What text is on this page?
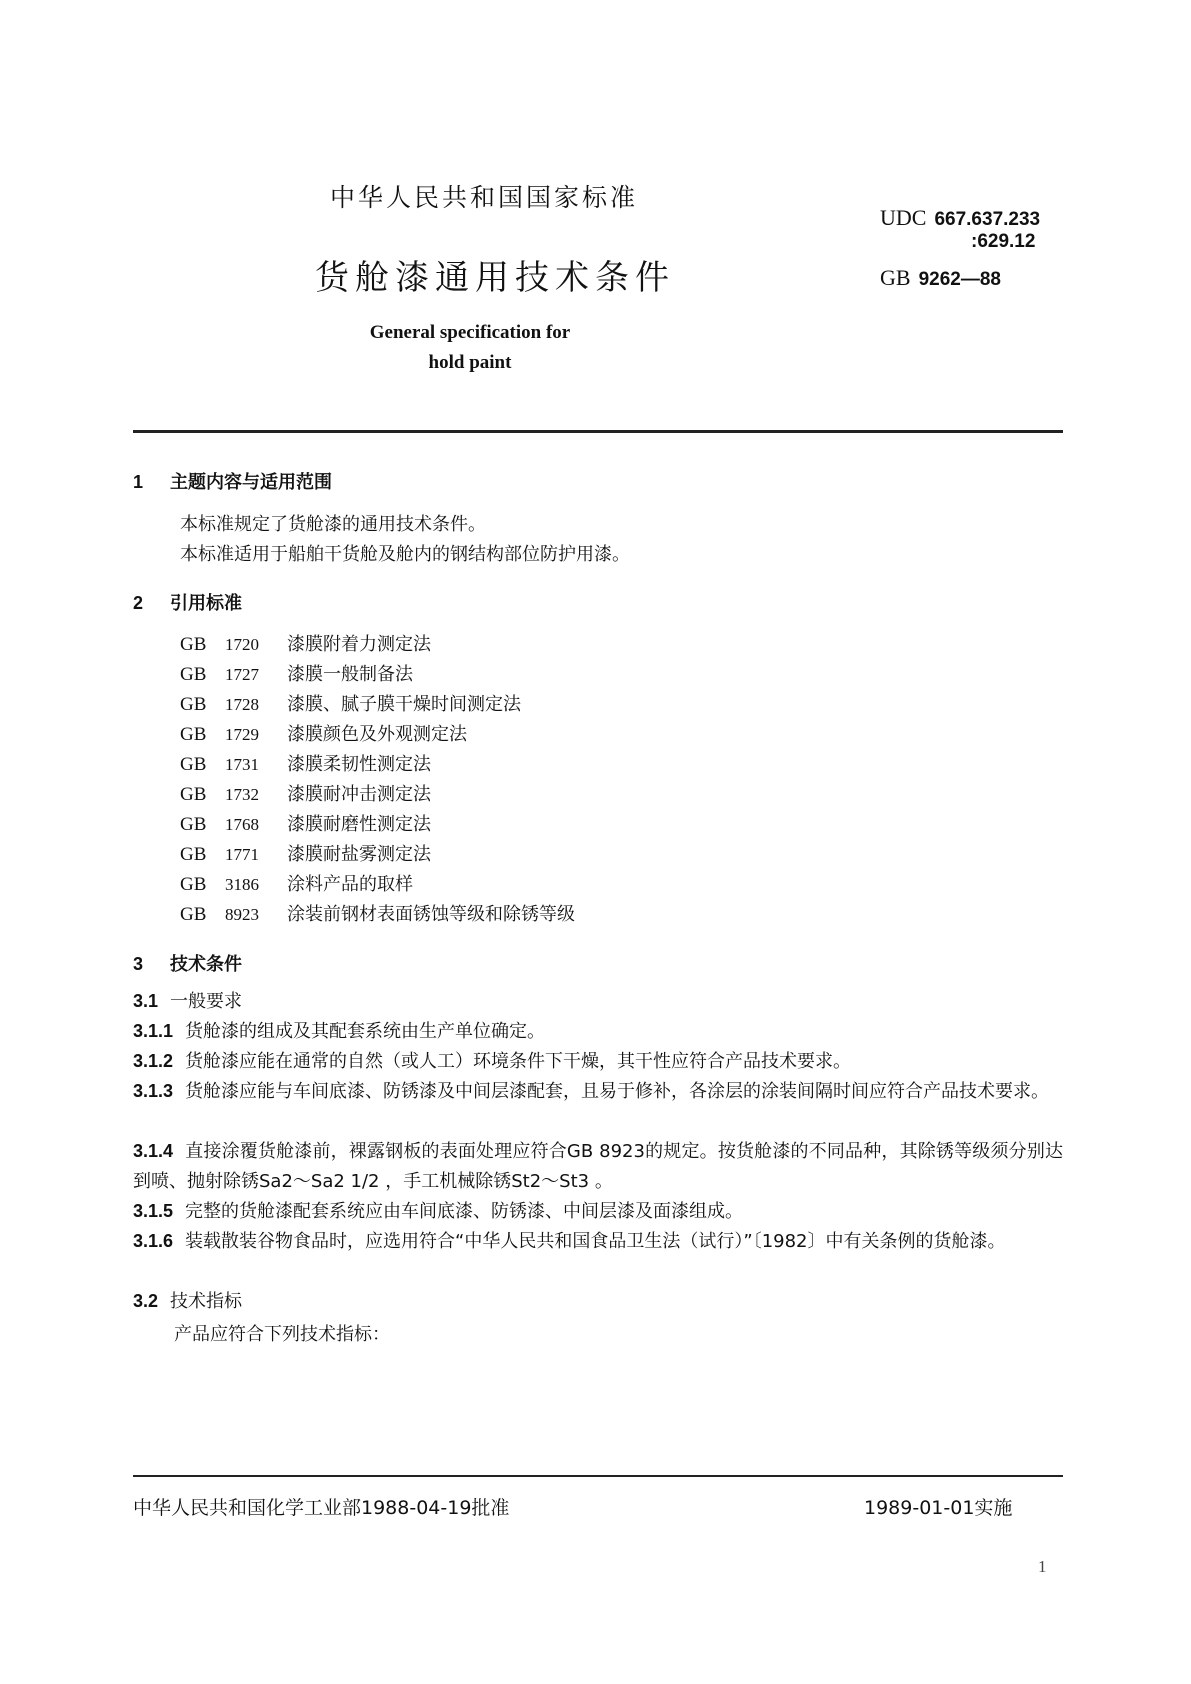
中华人民共和国国家标准
UDC 667.637.233
:629.12
货舱漆通用技术条件	GB 9262—88
General specification for
hold paint
1 主题内容与适用范围
本标准规定了货舱漆的通用技术条件。
本标准适用于船舶干货舱及舱内的钢结构部位防护用漆。
2 引用标准
GB 1720 漆膜附着力测定法
GB 1727 漆膜一般制备法
GB 1728 漆膜、腻子膜干燥时间测定法
GB 1729 漆膜颜色及外观测定法
GB 1731 漆膜柔韧性测定法
GB 1732 漆膜耐冲击测定法
GB 1768 漆膜耐磨性测定法
GB 1771 漆膜耐盐雾测定法
GB 3186 涂料产品的取样
GB 8923 涂装前钢材表面锈蚀等级和除锈等级
3 技术条件
3.1 一般要求
3.1.1 货舱漆的组成及其配套系统由生产单位确定。
3.1.2 货舱漆应能在通常的自然（或人工）环境条件下干燥，其干性应符合产品技术要求。
3.1.3 货舱漆应能与车间底漆、防锈漆及中间层漆配套，且易于修补，各涂层的涂装间隔时间应符合产品技术要求。
3.1.4 直接涂覆货舱漆前，裸露钢板的表面处理应符合GB 8923的规定。按货舱漆的不同品种，其除锈等级须分别达到喷、抛射除锈Sa2～Sa2 1/2 ，手工机械除锈St2～St3 。
3.1.5 完整的货舱漆配套系统应由车间底漆、防锈漆、中间层漆及面漆组成。
3.1.6 装载散装谷物食品时，应选用符合“中华人民共和国食品卫生法（试行）”〔1982〕中有关条例的货舱漆。
3.2 技术指标
产品应符合下列技术指标：
中华人民共和国化学工业部1988-04-19批准	1989-01-01实施
1
